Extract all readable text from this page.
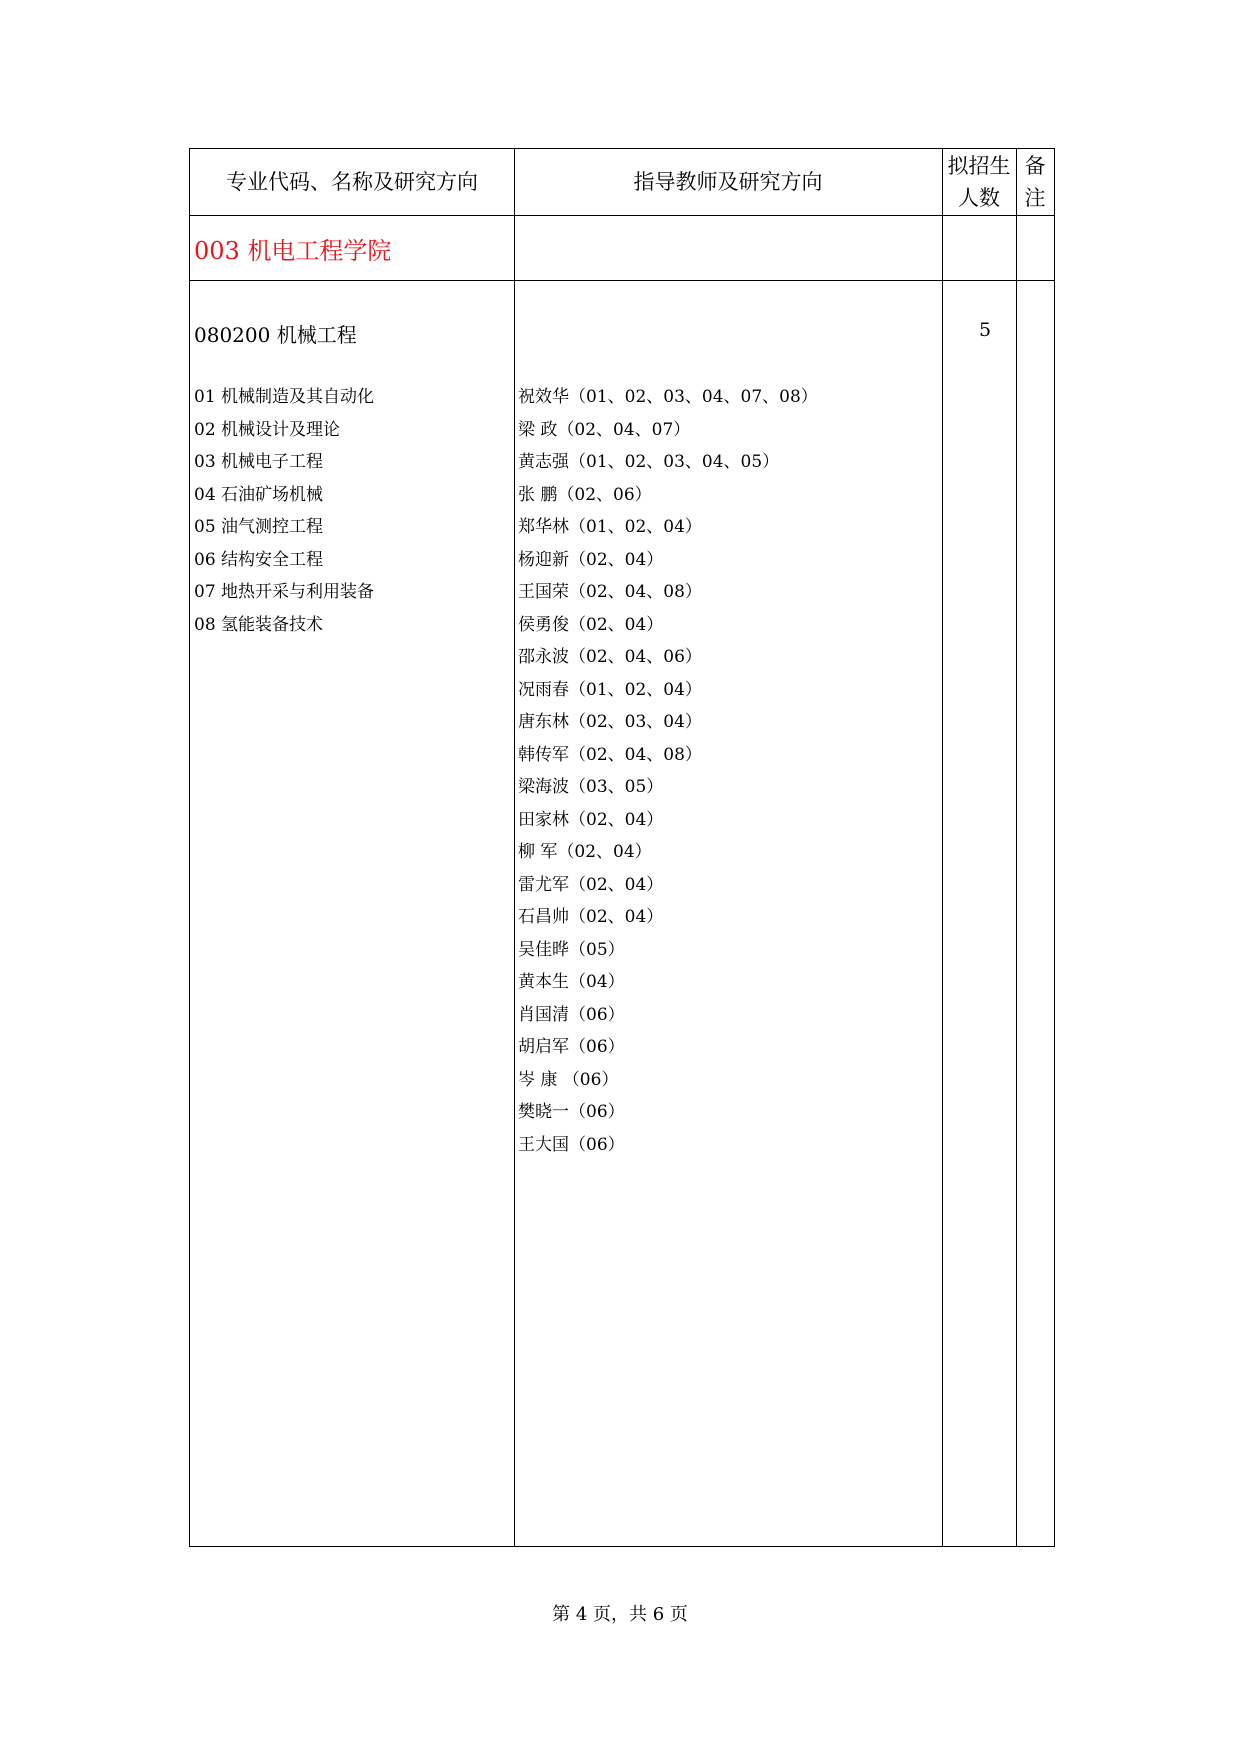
专业代码、名称及研究方向	指导教师及研究方向
拟招生
人数
备
注
003 机电工程学院
080200 机械工程	5
01 机械制造及其自动化
02 机械设计及理论
03 机械电子工程
04 石油矿场机械
05 油气测控工程
06 结构安全工程
07 地热开采与利用装备
08 氢能装备技术
祝效华（01、02、03、04、07、08）
梁 政（02、04、07）
黄志强（01、02、03、04、05）
张 鹏（02、06）
郑华林（01、02、04）
杨迎新（02、04）
王国荣（02、04、08）
侯勇俊（02、04）
邵永波（02、04、06）
况雨春（01、02、04）
唐东林（02、03、04）
韩传军（02、04、08）
梁海波（03、05）
田家林（02、04）
柳 军（02、04）
雷尤军（02、04）
石昌帅（02、04）
吴佳晔（05）
黄本生（04）
肖国清（06）
胡启军（06）
岑 康 （06）
樊晓一（06）
王大国（06）
第 4 页，共 6 页
